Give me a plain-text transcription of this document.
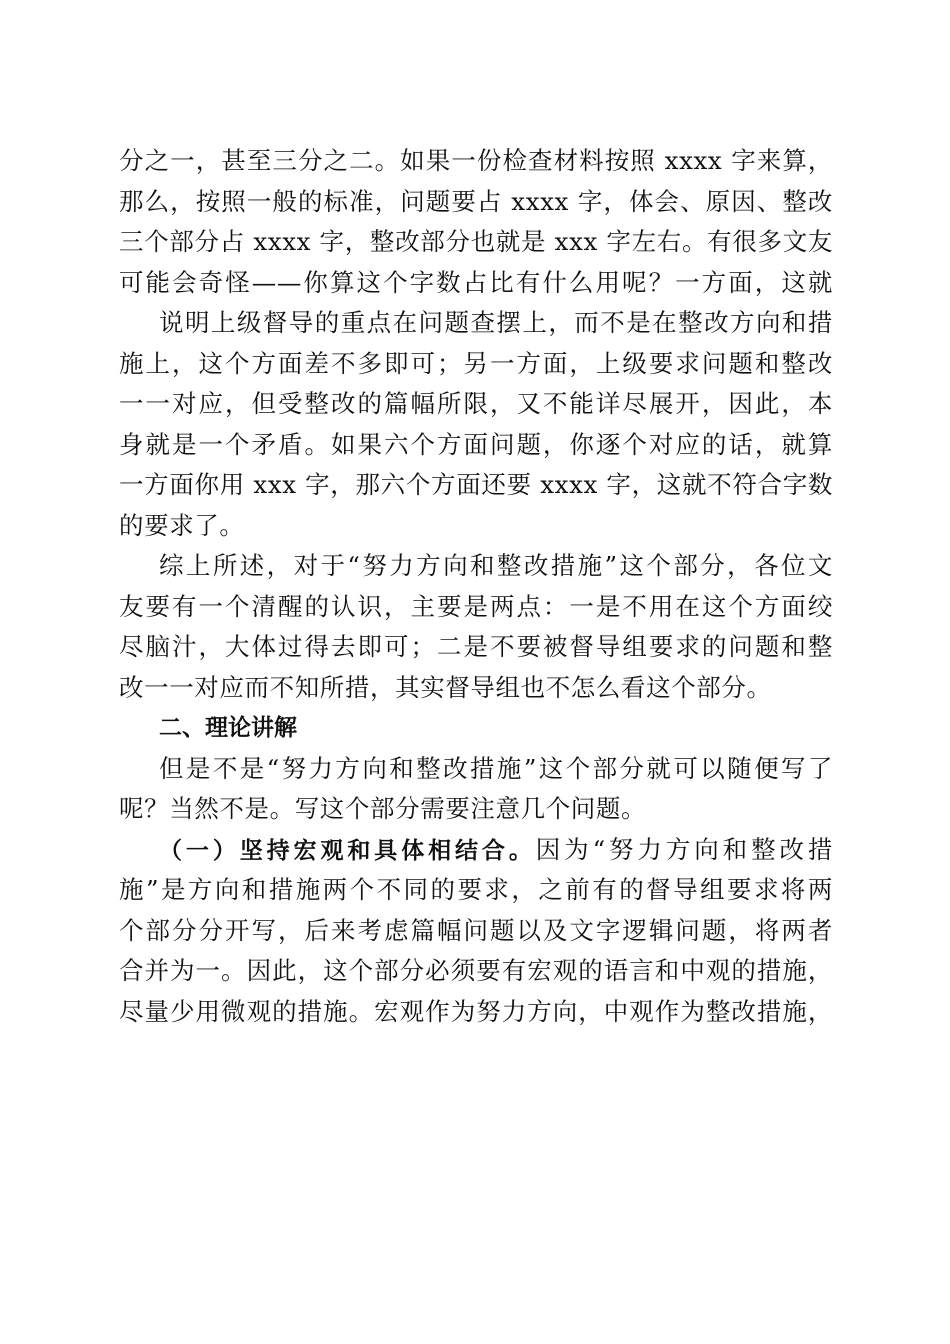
分之一，甚至三分之二。如果一份检查材料按照 xxxx 字来算，
那么，按照一般的标准，问题要占 xxxx 字，体会、原因、整改
三个部分占 xxxx 字，整改部分也就是 xxx 字左右。有很多文友
可能会奇怪——你算这个字数占比有什么用呢？一方面，这就
说明上级督导的重点在问题查摆上，而不是在整改方向和措
施上，这个方面差不多即可；另一方面，上级要求问题和整改
一一对应，但受整改的篇幅所限，又不能详尽展开，因此，本
身就是一个矛盾。如果六个方面问题，你逐个对应的话，就算
一方面你用 xxx 字，那六个方面还要 xxxx 字，这就不符合字数
的要求了。
综上所述，对于“努力方向和整改措施”这个部分，各位文
友要有一个清醒的认识，主要是两点：一是不用在这个方面绞
尽脑汁，大体过得去即可；二是不要被督导组要求的问题和整
改一一对应而不知所措，其实督导组也不怎么看这个部分。
二、理论讲解
但是不是“努力方向和整改措施”这个部分就可以随便写了
呢？当然不是。写这个部分需要注意几个问题。
（一）坚持宏观和具体相结合。因为“努力方向和整改措
施”是方向和措施两个不同的要求，之前有的督导组要求将两
个部分分开写，后来考虑篇幅问题以及文字逻辑问题，将两者
合并为一。因此，这个部分必须要有宏观的语言和中观的措施，
尽量少用微观的措施。宏观作为努力方向，中观作为整改措施，
